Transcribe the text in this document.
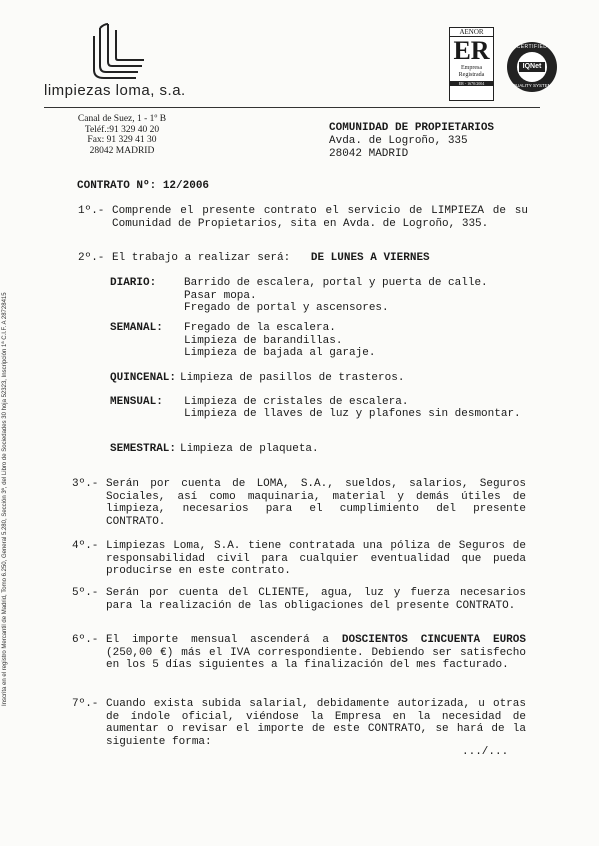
limpiezas loma, s.a.
AENOR
ER
Empresa
Registrada
ER - 1670/2004
IQNet
CERTIFIED
QUALITY SYSTEM
Canal de Suez, 1 - 1º B
Teléf.:91 329 40 20
Fax: 91 329 41 30
28042 MADRID
COMUNIDAD DE PROPIETARIOS
Avda. de Logroño, 335
28042 MADRID
CONTRATO Nº: 12/2006
1º.- Comprende el presente contrato el servicio de LIMPIEZA de su Comunidad de Propietarios, sita en Avda. de Logroño, 335.
2º.- El trabajo a realizar será: DE LUNES A VIERNES
DIARIO:	Barrido de escalera, portal y puerta de calle.
Pasar mopa.
Fregado de portal y ascensores.
SEMANAL: Fregado de la escalera.
Limpieza de barandillas.
Limpieza de bajada al garaje.
QUINCENAL: Limpieza de pasillos de trasteros.
MENSUAL: Limpieza de cristales de escalera.
Limpieza de llaves de luz y plafones sin desmontar.
SEMESTRAL: Limpieza de plaqueta.
3º.- Serán por cuenta de LOMA, S.A., sueldos, salarios, Seguros Sociales, así como maquinaria, material y demás útiles de limpieza, necesarios para el cumplimiento del presente CONTRATO.
4º.- Limpiezas Loma, S.A. tiene contratada una póliza de Seguros de responsabilidad civil para cualquier eventualidad que pueda producirse en este contrato.
5º.- Serán por cuenta del CLIENTE, agua, luz y fuerza necesarios para la realización de las obligaciones del presente CONTRATO.
6º.- El importe mensual ascenderá a DOSCIENTOS CINCUENTA EUROS (250,00 €) más el IVA correspondiente. Debiendo ser satisfecho en los 5 días siguientes a la finalización del mes facturado.
7º.- Cuando exista subida salarial, debidamente autorizada, u otras de índole oficial, viéndose la Empresa en la necesidad de aumentar o revisar el importe de este CONTRATO, se hará de la siguiente forma:
.../...
Inscrita en el registro Mercantil de Madrid, Tomo 6.250, General 5.280, Sección 3ª, del Libro de Sociedades 30 hoja 52323, Inscripción 1ª C.I.F. A 28728415
